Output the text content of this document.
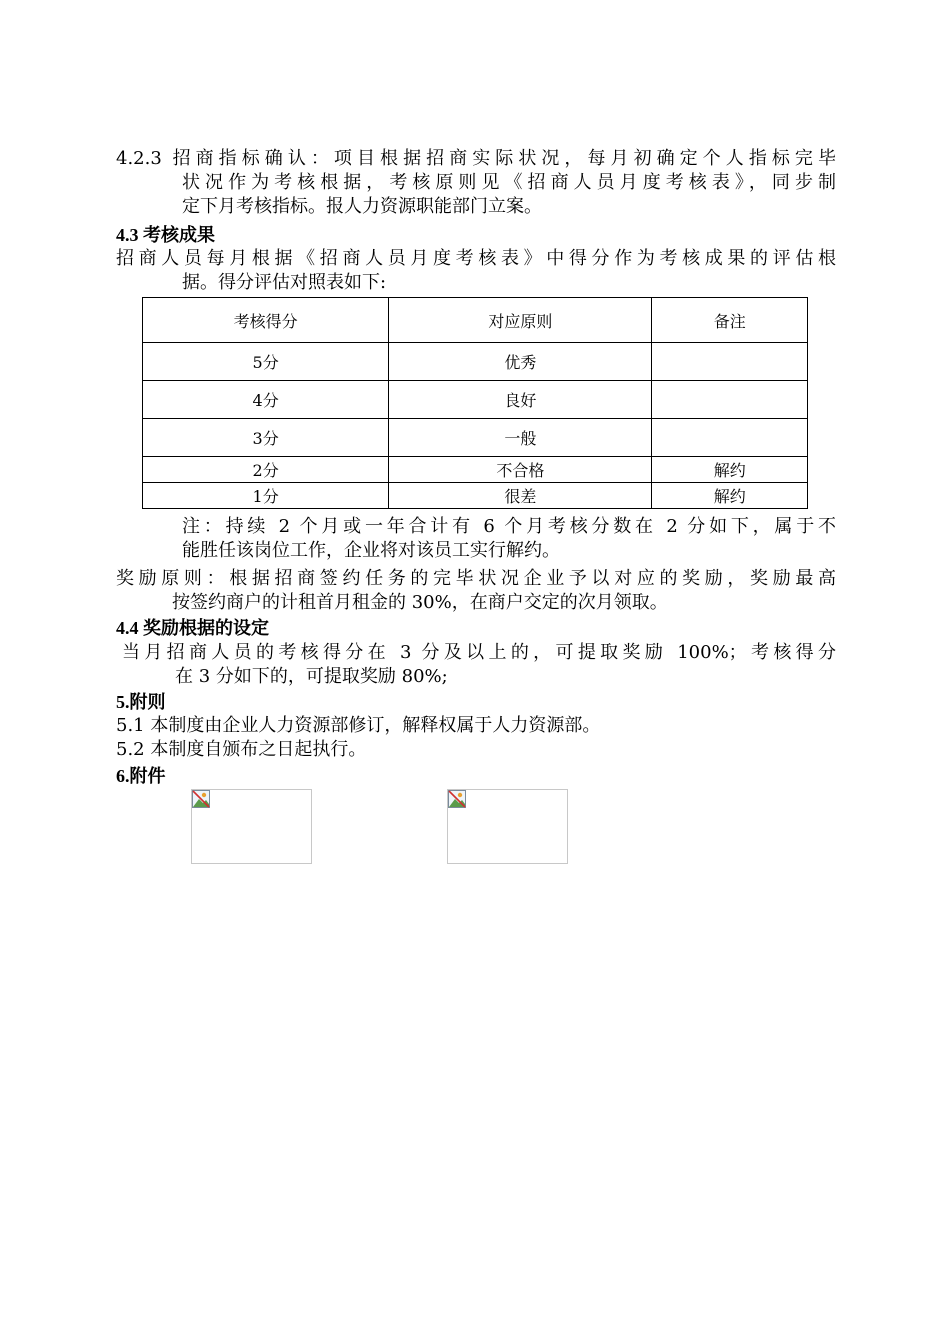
4.2.3 招商指标确认：项目根据招商实际状况，每月初确定个人指标完毕
状况作为考核根据，考核原则见《招商人员月度考核表》，同步制
定下月考核指标。报人力资源职能部门立案。
4.3 考核成果
招商人员每月根据《招商人员月度考核表》中得分作为考核成果的评估根
据。得分评估对照表如下:
考核得分	对应原则	备注
5分	优秀	
4分	良好	
3分	一般	
2分	不合格	解约
1分	很差	解约
注：持续 2 个月或一年合计有 6 个月考核分数在 2 分如下，属于不
能胜任该岗位工作，企业将对该员工实行解约。
奖励原则：根据招商签约任务的完毕状况企业予以对应的奖励，奖励最高
按签约商户的计租首月租金的 30%，在商户交定的次月领取。
4.4 奖励根据的设定
当月招商人员的考核得分在 3 分及以上的，可提取奖励 100%；考核得分
在 3 分如下的，可提取奖励 80%;
5.附则
5.1 本制度由企业人力资源部修订，解释权属于人力资源部。
5.2 本制度自颁布之日起执行。
6.附件
